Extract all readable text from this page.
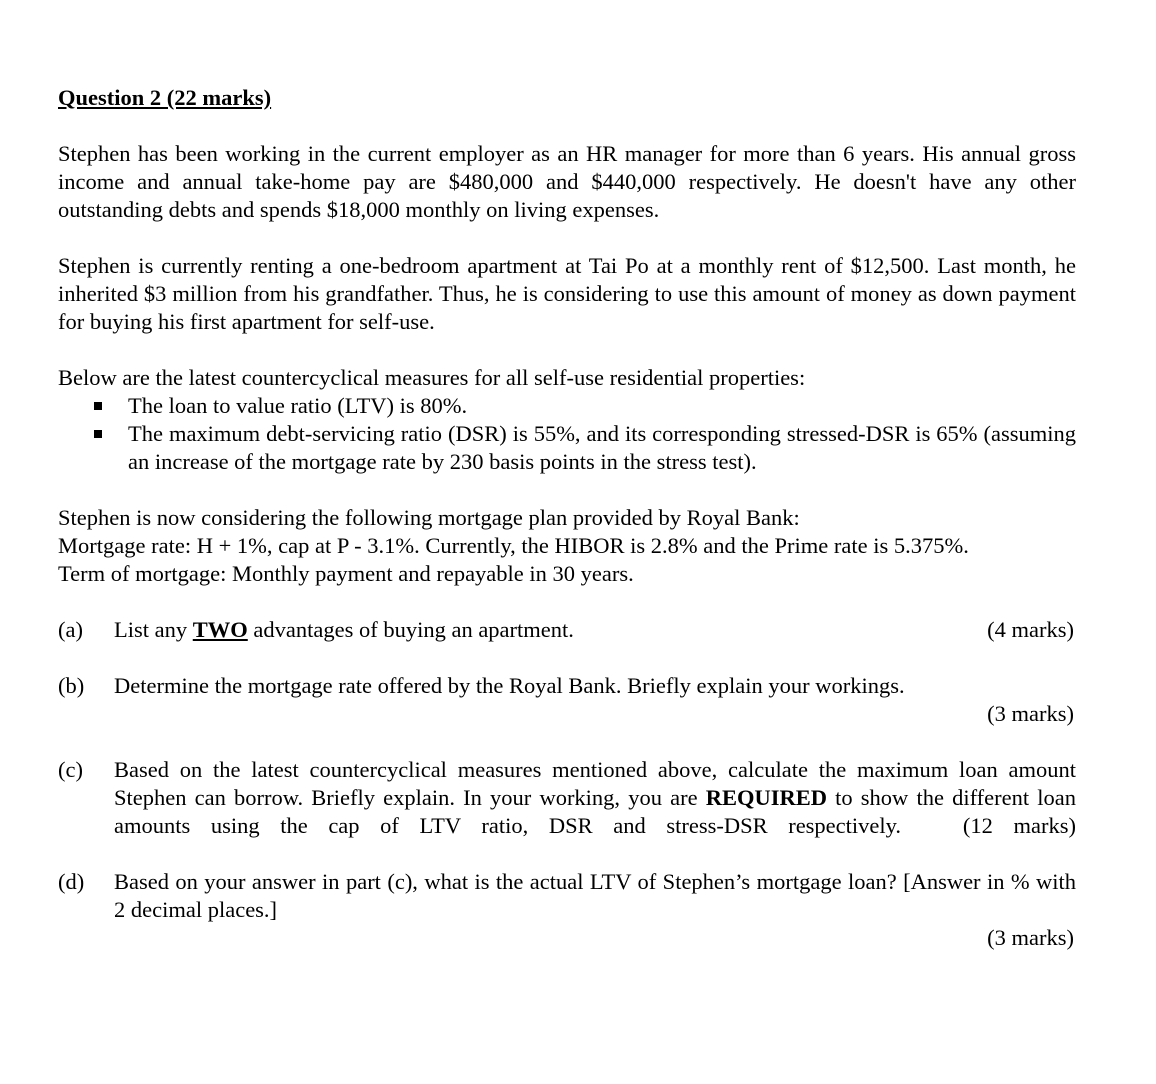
Question 2 (22 marks)

Stephen has been working in the current employer as an HR manager for more than 6 years. His annual gross income and annual take-home pay are $480,000 and $440,000 respectively. He doesn't have any other outstanding debts and spends $18,000 monthly on living expenses.

Stephen is currently renting a one-bedroom apartment at Tai Po at a monthly rent of $12,500. Last month, he inherited $3 million from his grandfather. Thus, he is considering to use this amount of money as down payment for buying his first apartment for self-use.

Below are the latest countercyclical measures for all self-use residential properties:

The loan to value ratio (LTV) is 80%.
The maximum debt-servicing ratio (DSR) is 55%, and its corresponding stressed-DSR is 65% (assuming an increase of the mortgage rate by 230 basis points in the stress test).
Stephen is now considering the following mortgage plan provided by Royal Bank:
Mortgage rate: H + 1%, cap at P - 3.1%. Currently, the HIBOR is 2.8% and the Prime rate is 5.375%.
Term of mortgage: Monthly payment and repayable in 30 years.
(a) List any TWO advantages of buying an apartment.	(4 marks)
(b) Determine the mortgage rate offered by the Royal Bank. Briefly explain your workings.
(3 marks)
(c) Based on the latest countercyclical measures mentioned above, calculate the maximum loan amount Stephen can borrow. Briefly explain. In your working, you are REQUIRED to show the different loan amounts using the cap of LTV ratio, DSR and stress-DSR respectively.	(12 marks)
(d) Based on your answer in part (c), what is the actual LTV of Stephen’s mortgage loan? [Answer in % with 2 decimal places.]
(3 marks)
